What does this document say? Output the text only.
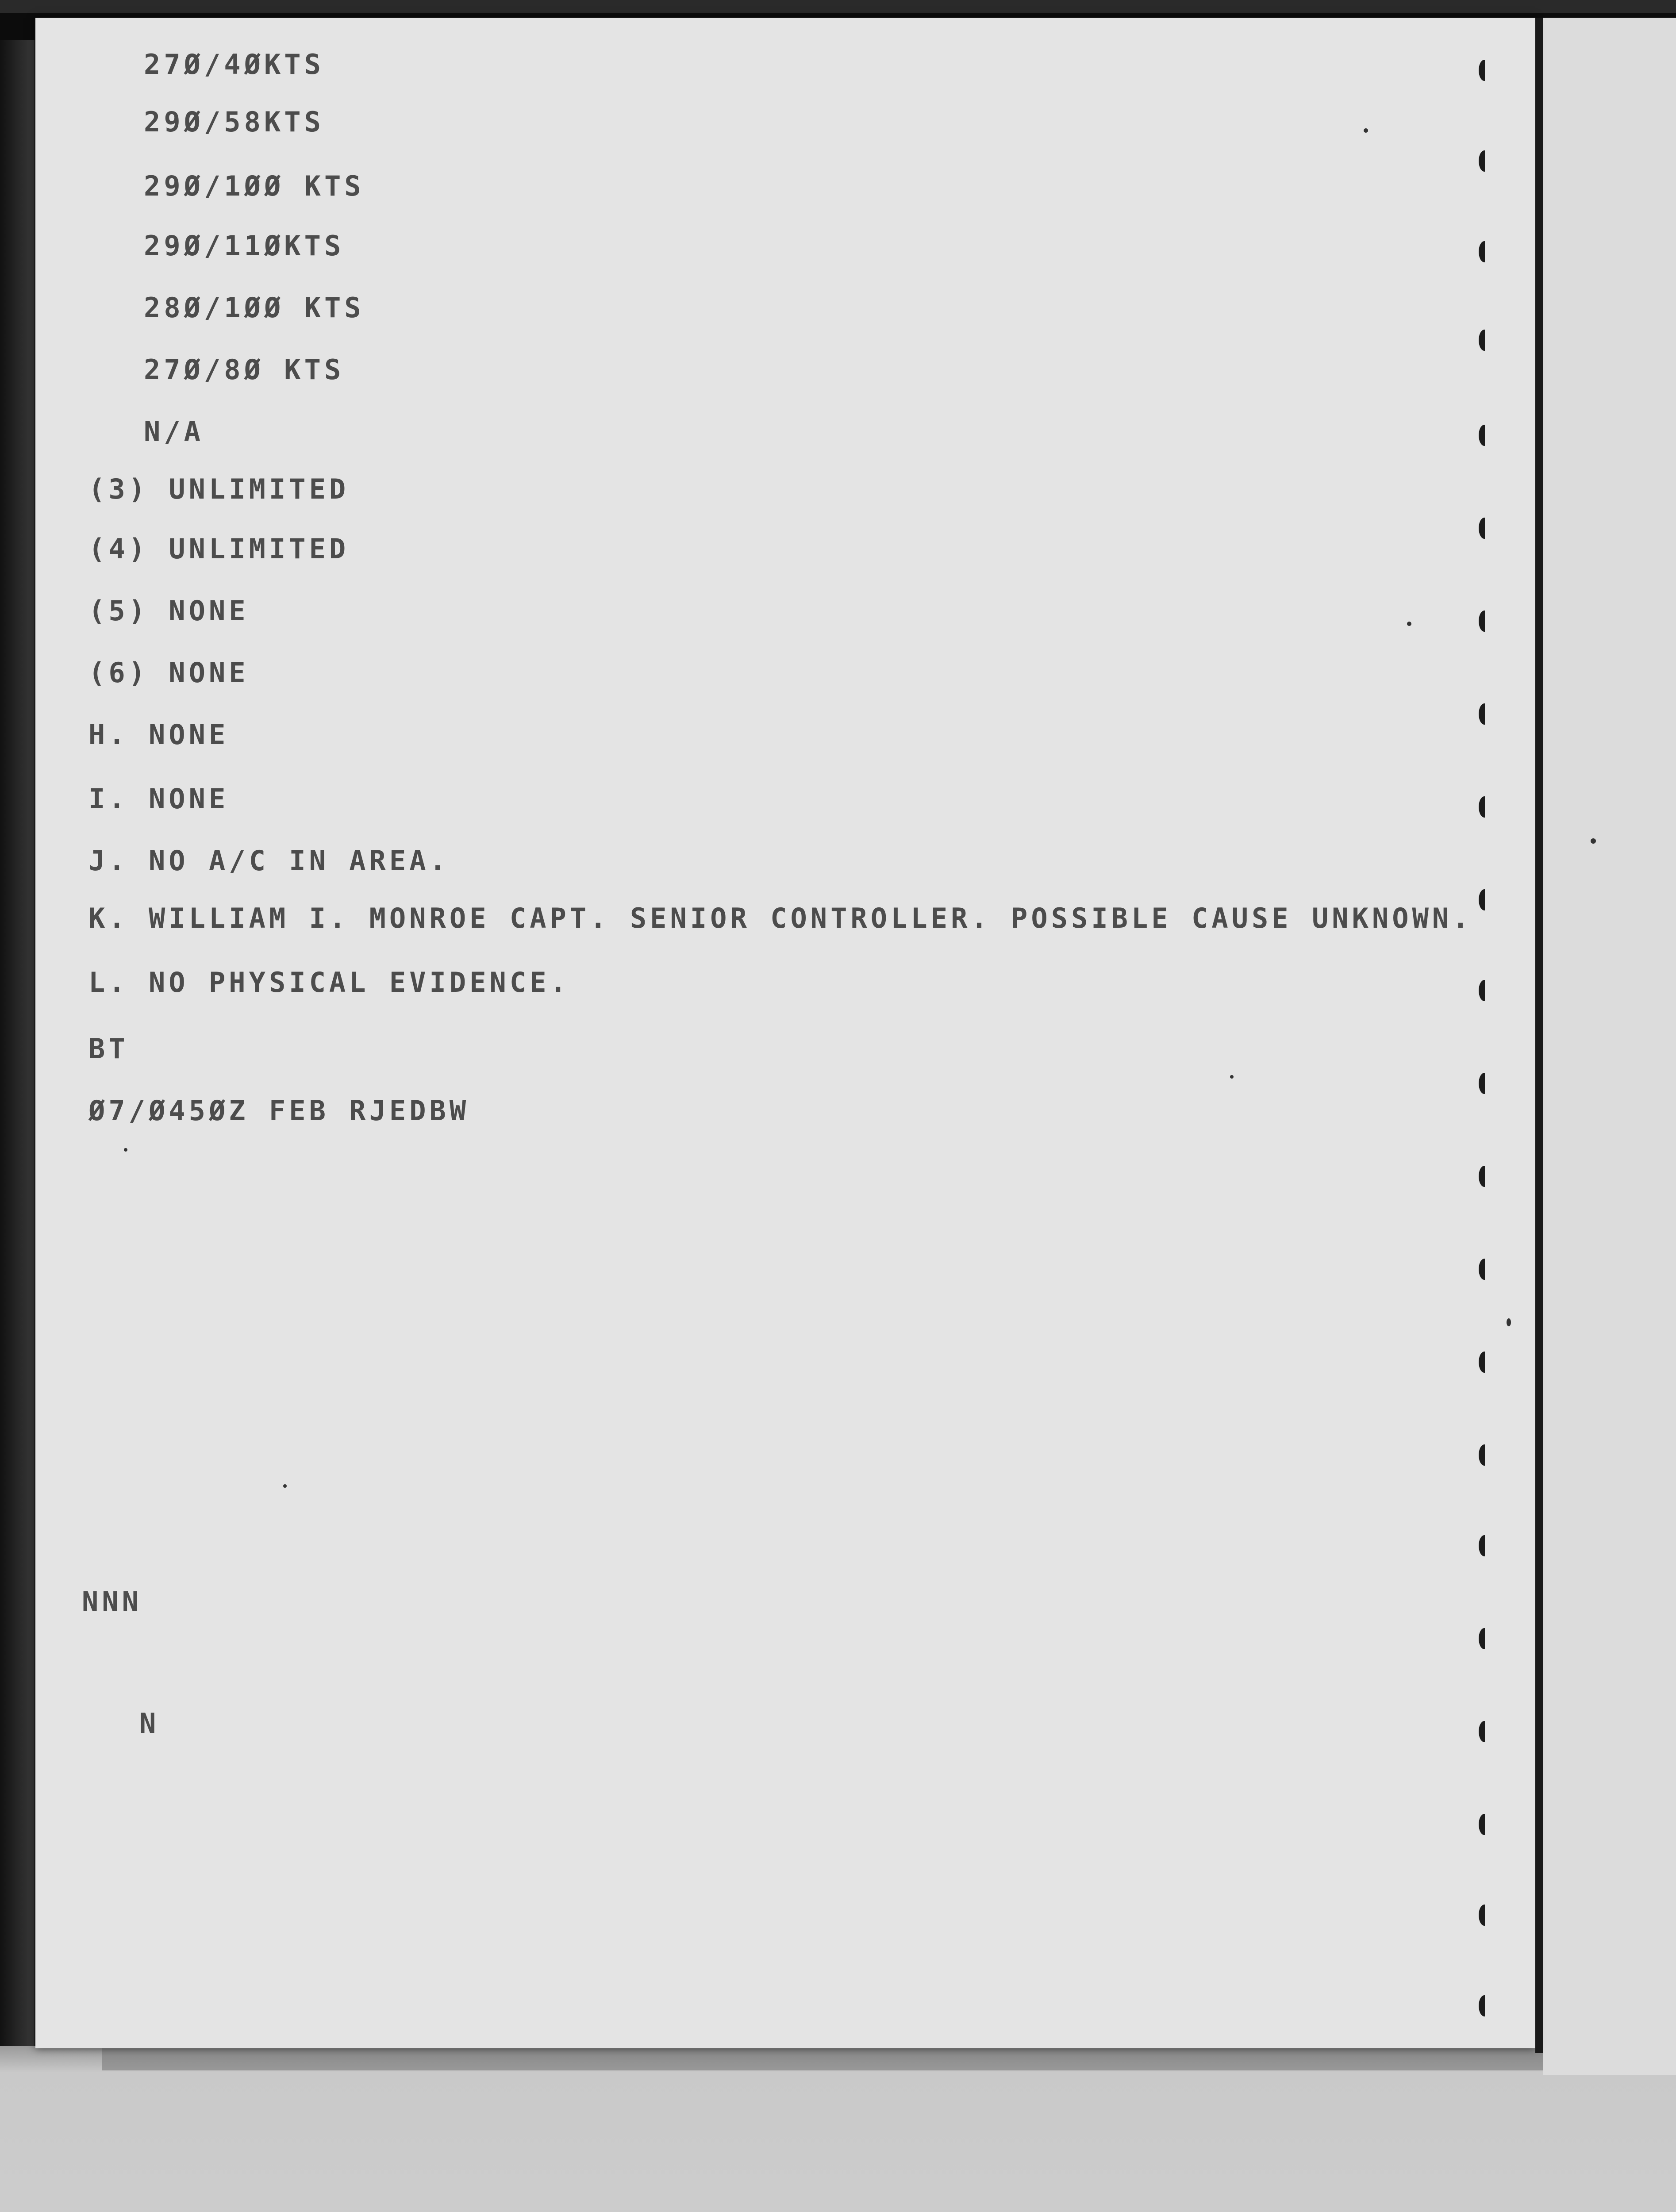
27Ø/4ØKTS

29Ø/58KTS

29Ø/1ØØ KTS

29Ø/11ØKTS

28Ø/1ØØ KTS

27Ø/8Ø KTS

N/A

(3) UNLIMITED

(4) UNLIMITED

(5) NONE

(6) NONE

H. NONE

I. NONE

J. NO A/C IN AREA.

K. WILLIAM I. MONROE CAPT. SENIOR CONTROLLER. POSSIBLE CAUSE UNKNOWN.

L. NO PHYSICAL EVIDENCE.

BT

Ø7/Ø45ØZ FEB RJEDBW

NNN

N
